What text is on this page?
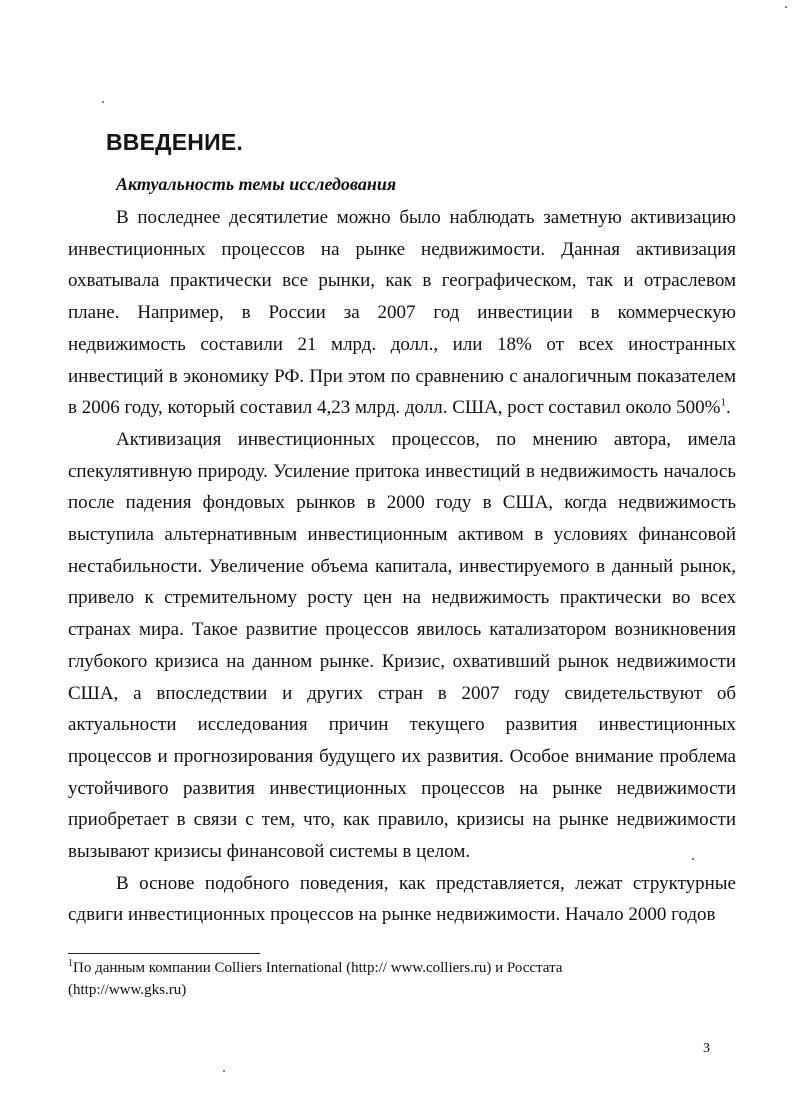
ВВЕДЕНИЕ.
Актуальность темы исследования

В последнее десятилетие можно было наблюдать заметную активизацию инвестиционных процессов на рынке недвижимости. Данная активизация охватывала практически все рынки, как в географическом, так и отраслевом плане. Например, в России за 2007 год инвестиции в коммерческую недвижимость составили 21 млрд. долл., или 18% от всех иностранных инвестиций в экономику РФ. При этом по сравнению с аналогичным показателем в 2006 году, который составил 4,23 млрд. долл. США, рост составил около 500%$^1$.

Активизация инвестиционных процессов, по мнению автора, имела спекулятивную природу. Усиление притока инвестиций в недвижимость началось после падения фондовых рынков в 2000 году в США, когда недвижимость выступила альтернативным инвестиционным активом в условиях финансовой нестабильности. Увеличение объема капитала, инвестируемого в данный рынок, привело к стремительному росту цен на недвижимость практически во всех странах мира. Такое развитие процессов явилось катализатором возникновения глубокого кризиса на данном рынке. Кризис, охвативший рынок недвижимости США, а впоследствии и других стран в 2007 году свидетельствуют об актуальности исследования причин текущего развития инвестиционных процессов и прогнозирования будущего их развития. Особое внимание проблема устойчивого развития инвестиционных процессов на рынке недвижимости приобретает в связи с тем, что, как правило, кризисы на рынке недвижимости вызывают кризисы финансовой системы в целом.

В основе подобного поведения, как представляется, лежат структурные сдвиги инвестиционных процессов на рынке недвижимости. Начало 2000 годов

$^1$По данным компании Colliers International (http:// www.colliers.ru) и Росстата (http://www.gks.ru)

3
